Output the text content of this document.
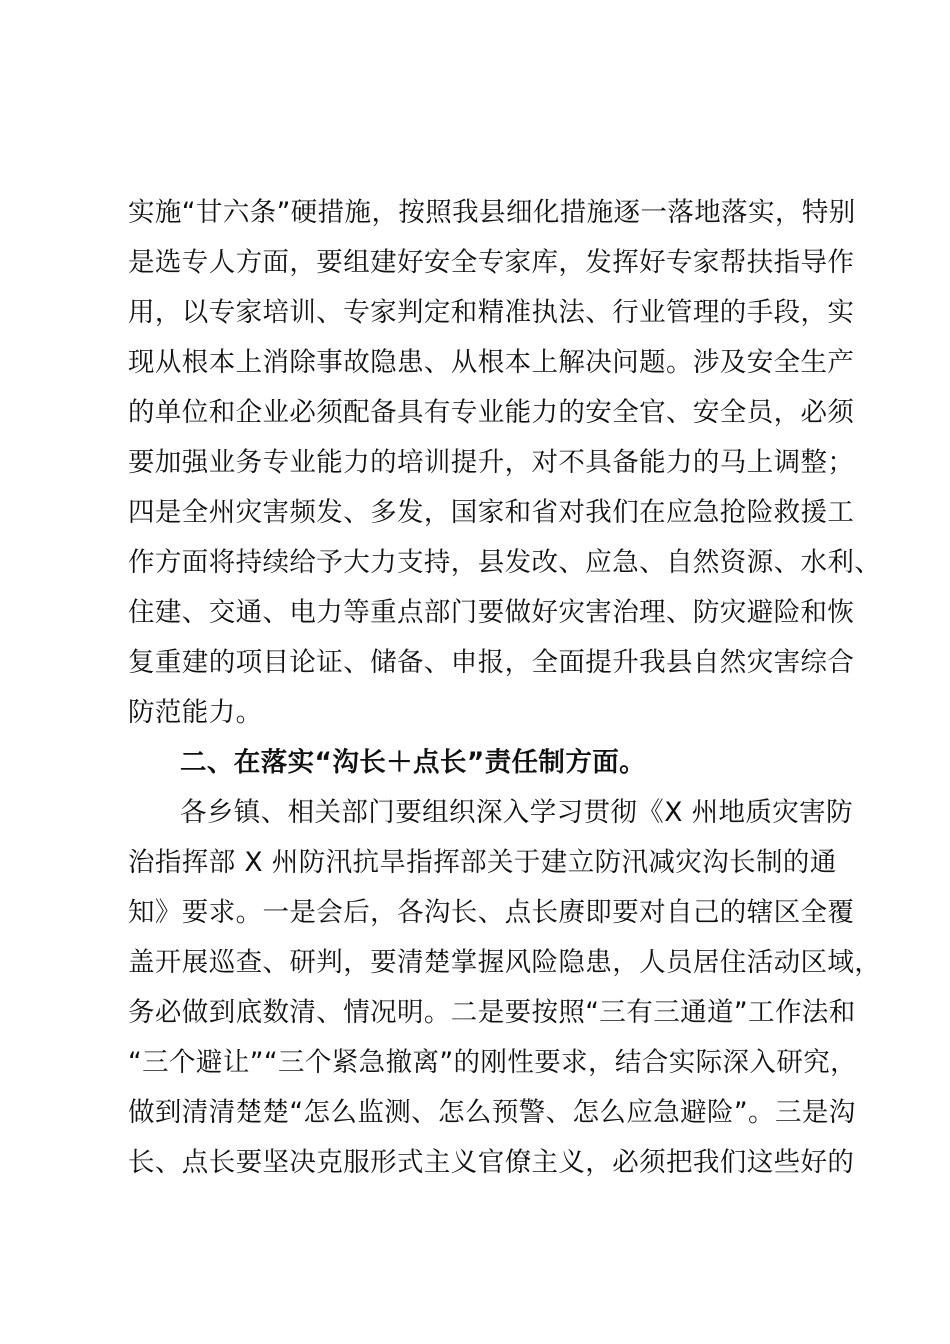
实施“甘六条”硬措施，按照我县细化措施逐一落地落实，特别
是选专人方面，要组建好安全专家库，发挥好专家帮扶指导作
用，以专家培训、专家判定和精准执法、行业管理的手段，实
现从根本上消除事故隐患、从根本上解决问题。涉及安全生产
的单位和企业必须配备具有专业能力的安全官、安全员，必须
要加强业务专业能力的培训提升，对不具备能力的马上调整；
四是全州灾害频发、多发，国家和省对我们在应急抢险救援工
作方面将持续给予大力支持，县发改、应急、自然资源、水利、
住建、交通、电力等重点部门要做好灾害治理、防灾避险和恢
复重建的项目论证、储备、申报，全面提升我县自然灾害综合
防范能力。
二、在落实“沟长＋点长”责任制方面。
各乡镇、相关部门要组织深入学习贯彻《X 州地质灾害防
治指挥部 X 州防汛抗旱指挥部关于建立防汛减灾沟长制的通
知》要求。一是会后，各沟长、点长赓即要对自己的辖区全覆
盖开展巡查、研判，要清楚掌握风险隐患，人员居住活动区域，
务必做到底数清、情况明。二是要按照“三有三通道”工作法和
“三个避让”“三个紧急撤离”的刚性要求，结合实际深入研究，
做到清清楚楚“怎么监测、怎么预警、怎么应急避险”。三是沟
长、点长要坚决克服形式主义官僚主义，必须把我们这些好的
